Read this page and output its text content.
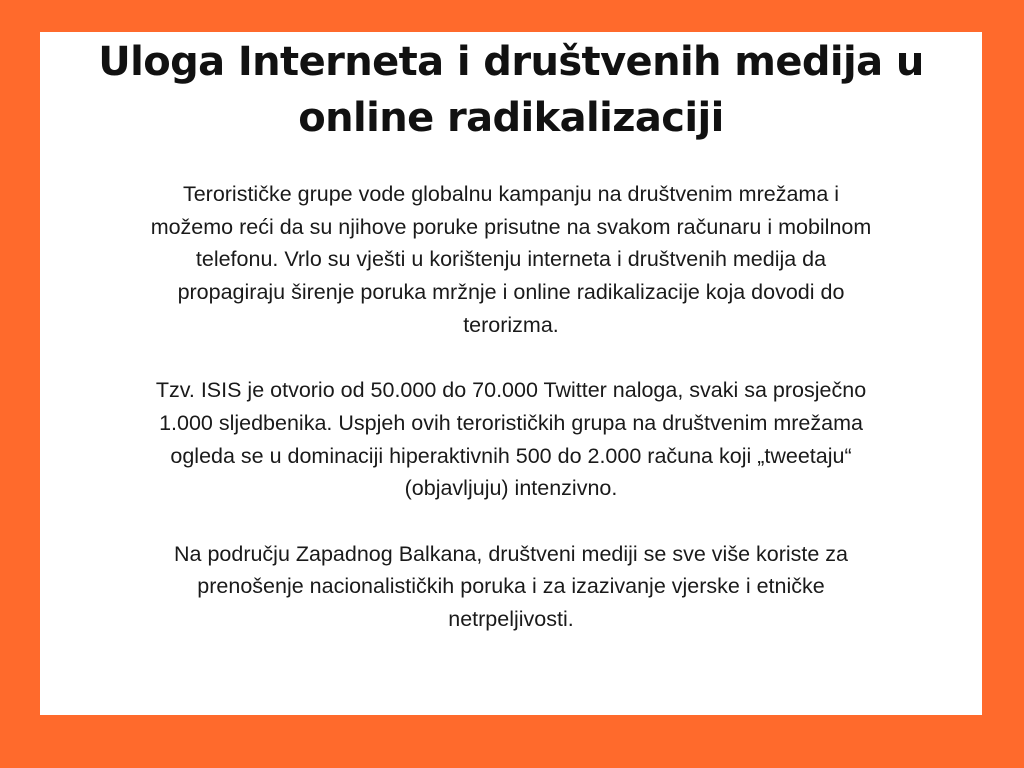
Uloga Interneta i društvenih medija u
online radikalizaciji

Terorističke grupe vode globalnu kampanju na društvenim mrežama i
možemo reći da su njihove poruke prisutne na svakom računaru i mobilnom
telefonu. Vrlo su vješti u korištenju interneta i društvenih medija da
propagiraju širenje poruka mržnje i online radikalizacije koja dovodi do
terorizma.

Tzv. ISIS je otvorio od 50.000 do 70.000 Twitter naloga, svaki sa prosječno
1.000 sljedbenika. Uspjeh ovih terorističkih grupa na društvenim mrežama
ogleda se u dominaciji hiperaktivnih 500 do 2.000 računa koji „tweetaju“
(objavljuju) intenzivno.

Na području Zapadnog Balkana, društveni mediji se sve više koriste za
prenošenje nacionalističkih poruka i za izazivanje vjerske i etničke
netrpeljivosti.
